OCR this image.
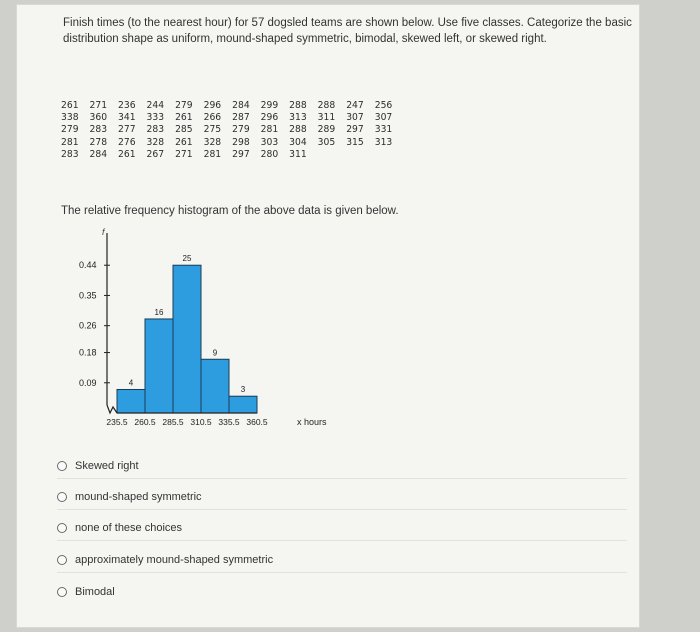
Finish times (to the nearest hour) for 57 dogsled teams are shown below. Use five classes. Categorize the basic distribution shape as uniform, mound-shaped symmetric, bimodal, skewed left, or skewed right.
261	271	236	244	279	296	284	299	288	288	247	256
338	360	341	333	261	266	287	296	313	311	307	307
279	283	277	283	285	275	279	281	288	289	297	331
281	278	276	328	261	328	298	303	304	305	315	313
283	284	261	267	271	281	297	280	311
The relative frequency histogram of the above data is given below.
f
0.09
0.18
0.26
0.35
0.44
4
16
25
9
3
235.5 260.5 285.5 310.5 335.5 360.5	x hours
Skewed right
mound-shaped symmetric
none of these choices
approximately mound-shaped symmetric
Bimodal
